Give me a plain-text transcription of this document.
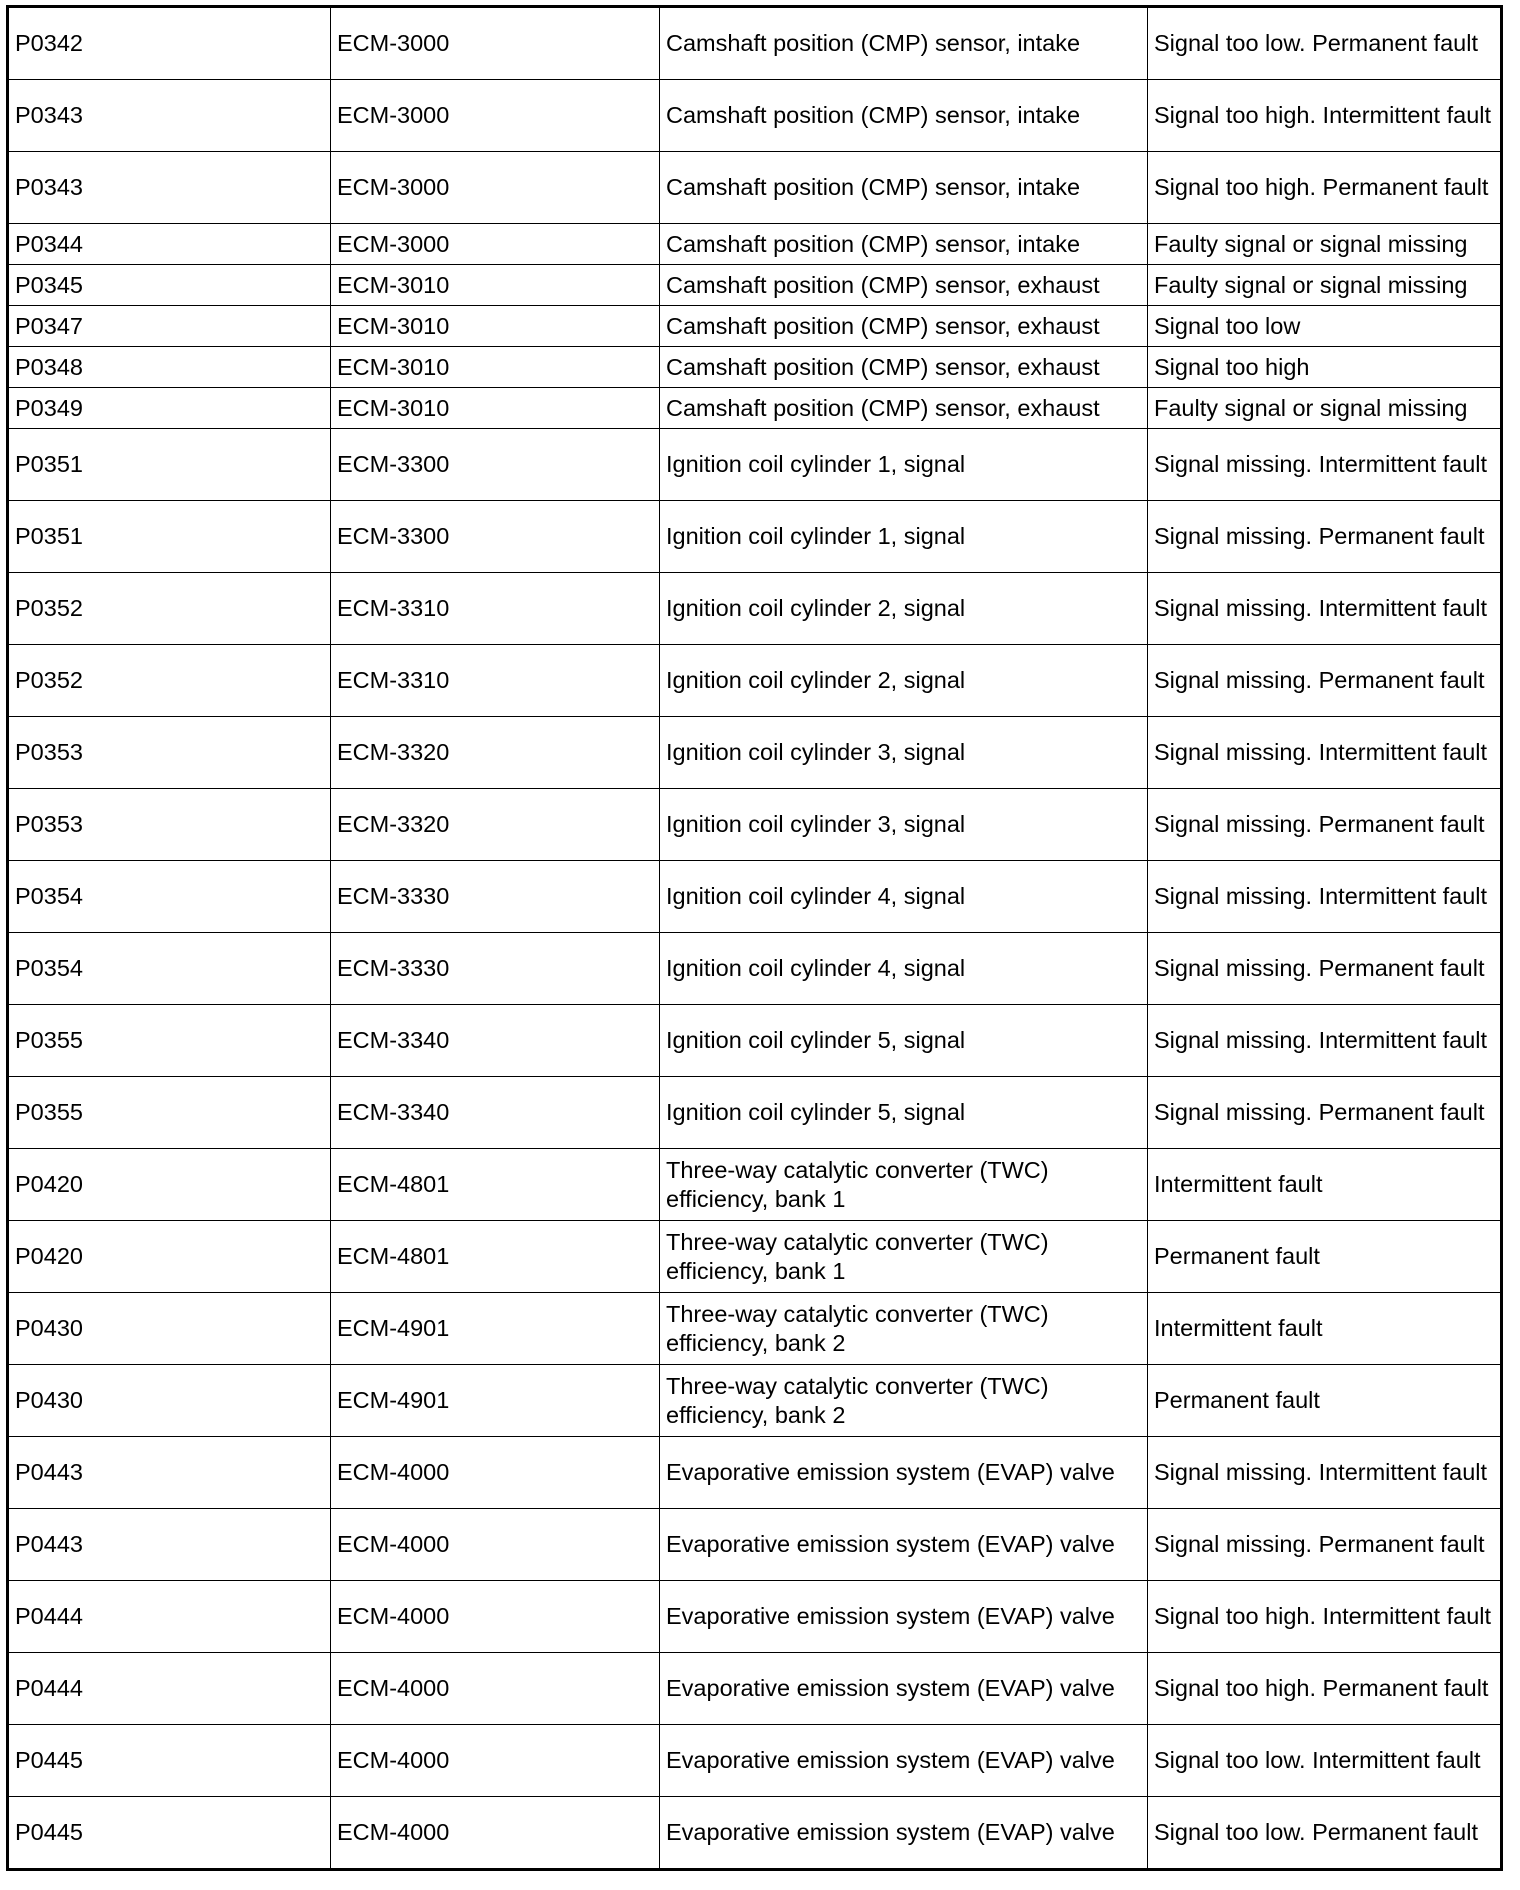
P0342	ECM-3000	Camshaft position (CMP) sensor, intake	Signal too low. Permanent fault
P0343	ECM-3000	Camshaft position (CMP) sensor, intake	Signal too high. Intermittent fault
P0343	ECM-3000	Camshaft position (CMP) sensor, intake	Signal too high. Permanent fault
P0344	ECM-3000	Camshaft position (CMP) sensor, intake	Faulty signal or signal missing
P0345	ECM-3010	Camshaft position (CMP) sensor, exhaust	Faulty signal or signal missing
P0347	ECM-3010	Camshaft position (CMP) sensor, exhaust	Signal too low
P0348	ECM-3010	Camshaft position (CMP) sensor, exhaust	Signal too high
P0349	ECM-3010	Camshaft position (CMP) sensor, exhaust	Faulty signal or signal missing
P0351	ECM-3300	Ignition coil cylinder 1, signal	Signal missing. Intermittent fault
P0351	ECM-3300	Ignition coil cylinder 1, signal	Signal missing. Permanent fault
P0352	ECM-3310	Ignition coil cylinder 2, signal	Signal missing. Intermittent fault
P0352	ECM-3310	Ignition coil cylinder 2, signal	Signal missing. Permanent fault
P0353	ECM-3320	Ignition coil cylinder 3, signal	Signal missing. Intermittent fault
P0353	ECM-3320	Ignition coil cylinder 3, signal	Signal missing. Permanent fault
P0354	ECM-3330	Ignition coil cylinder 4, signal	Signal missing. Intermittent fault
P0354	ECM-3330	Ignition coil cylinder 4, signal	Signal missing. Permanent fault
P0355	ECM-3340	Ignition coil cylinder 5, signal	Signal missing. Intermittent fault
P0355	ECM-3340	Ignition coil cylinder 5, signal	Signal missing. Permanent fault
P0420	ECM-4801	Three-way catalytic converter (TWC) efficiency, bank 1	Intermittent fault
P0420	ECM-4801	Three-way catalytic converter (TWC) efficiency, bank 1	Permanent fault
P0430	ECM-4901	Three-way catalytic converter (TWC) efficiency, bank 2	Intermittent fault
P0430	ECM-4901	Three-way catalytic converter (TWC) efficiency, bank 2	Permanent fault
P0443	ECM-4000	Evaporative emission system (EVAP) valve	Signal missing. Intermittent fault
P0443	ECM-4000	Evaporative emission system (EVAP) valve	Signal missing. Permanent fault
P0444	ECM-4000	Evaporative emission system (EVAP) valve	Signal too high. Intermittent fault
P0444	ECM-4000	Evaporative emission system (EVAP) valve	Signal too high. Permanent fault
P0445	ECM-4000	Evaporative emission system (EVAP) valve	Signal too low. Intermittent fault
P0445	ECM-4000	Evaporative emission system (EVAP) valve	Signal too low. Permanent fault
